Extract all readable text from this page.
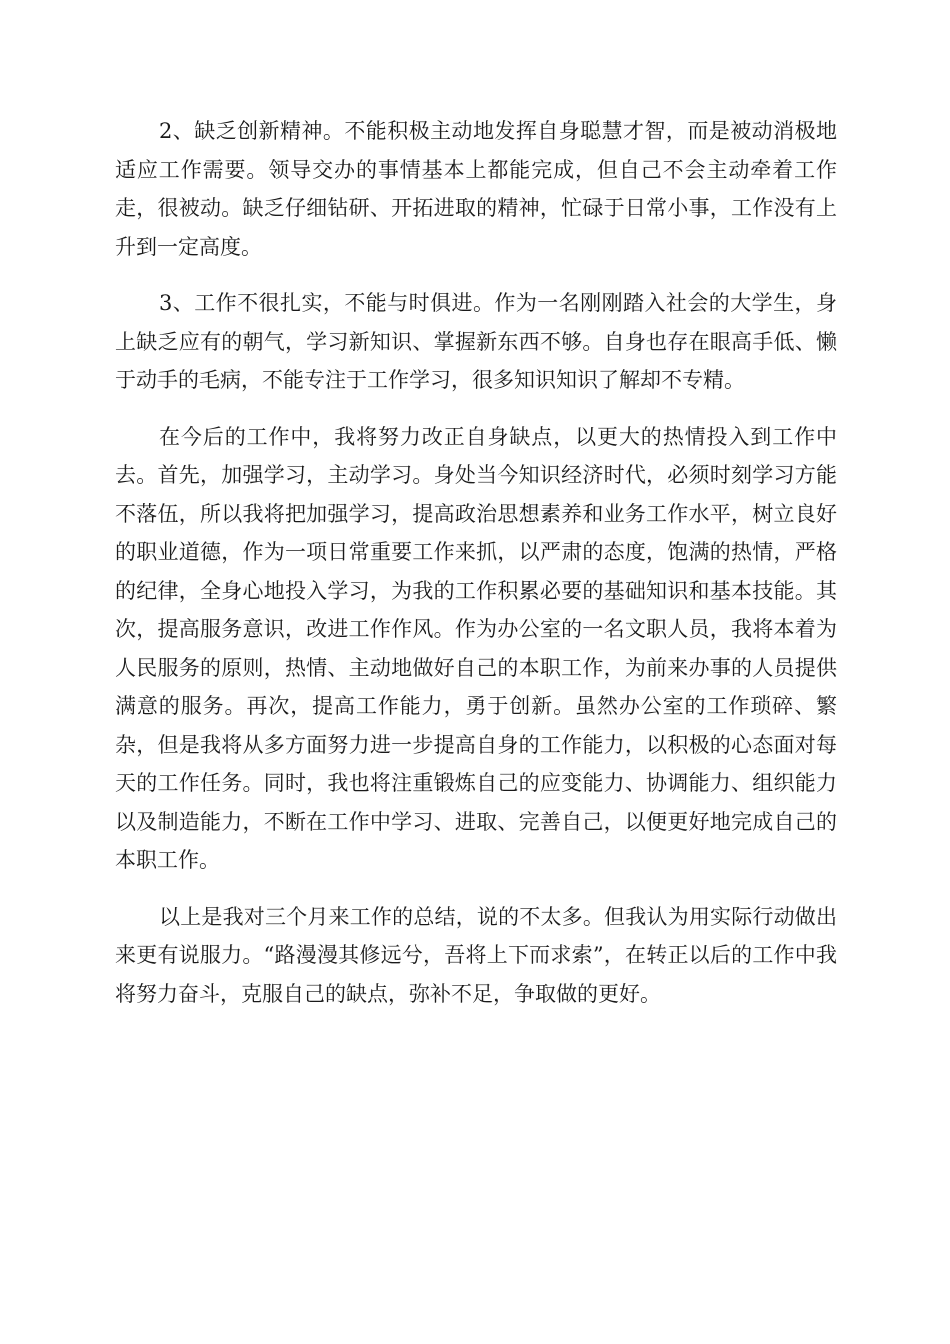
2、缺乏创新精神。不能积极主动地发挥自身聪慧才智，而是被动消极地适应工作需要。领导交办的事情基本上都能完成，但自己不会主动牵着工作走，很被动。缺乏仔细钻研、开拓进取的精神，忙碌于日常小事，工作没有上升到一定高度。

3、工作不很扎实，不能与时俱进。作为一名刚刚踏入社会的大学生，身上缺乏应有的朝气，学习新知识、掌握新东西不够。自身也存在眼高手低、懒于动手的毛病，不能专注于工作学习，很多知识知识了解却不专精。

在今后的工作中，我将努力改正自身缺点，以更大的热情投入到工作中去。首先，加强学习，主动学习。身处当今知识经济时代，必须时刻学习方能不落伍，所以我将把加强学习，提高政治思想素养和业务工作水平，树立良好的职业道德，作为一项日常重要工作来抓，以严肃的态度，饱满的热情，严格的纪律，全身心地投入学习，为我的工作积累必要的基础知识和基本技能。其次，提高服务意识，改进工作作风。作为办公室的一名文职人员，我将本着为人民服务的原则，热情、主动地做好自己的本职工作，为前来办事的人员提供满意的服务。再次，提高工作能力，勇于创新。虽然办公室的工作琐碎、繁杂，但是我将从多方面努力进一步提高自身的工作能力，以积极的心态面对每天的工作任务。同时，我也将注重锻炼自己的应变能力、协调能力、组织能力以及制造能力，不断在工作中学习、进取、完善自己，以便更好地完成自己的本职工作。

以上是我对三个月来工作的总结，说的不太多。但我认为用实际行动做出来更有说服力。“路漫漫其修远兮，吾将上下而求索”，在转正以后的工作中我将努力奋斗，克服自己的缺点，弥补不足，争取做的更好。
